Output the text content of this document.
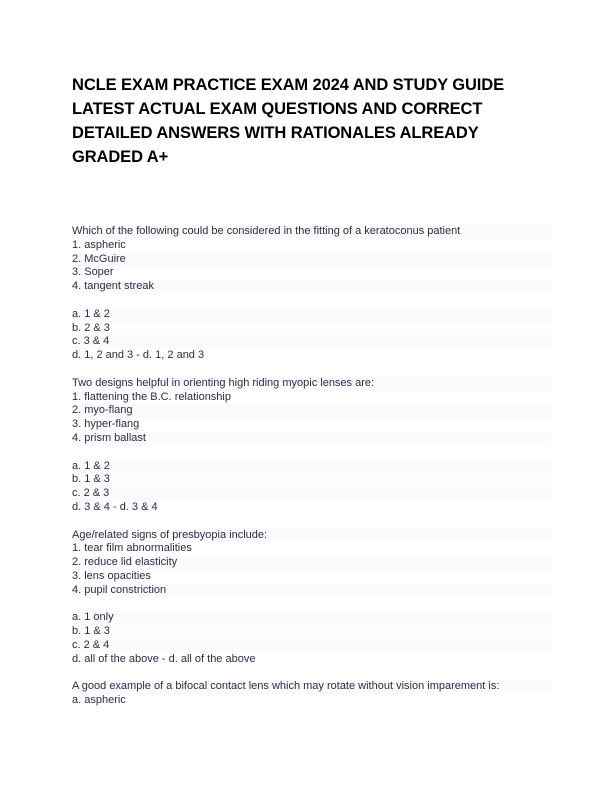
NCLE EXAM PRACTICE EXAM 2024 AND STUDY GUIDE
LATEST ACTUAL EXAM QUESTIONS AND CORRECT
DETAILED ANSWERS WITH RATIONALES ALREADY
GRADED A+
Which of the following could be considered in the fitting of a keratoconus patient
1. aspheric
2. McGuire
3. Soper
4. tangent streak
a. 1 & 2
b. 2 & 3
c. 3 & 4
d. 1, 2 and 3 - d. 1, 2 and 3
Two designs helpful in orienting high riding myopic lenses are:
1. flattening the B.C. relationship
2. myo-flang
3. hyper-flang
4. prism ballast
a. 1 & 2
b. 1 & 3
c. 2 & 3
d. 3 & 4 - d. 3 & 4
Age/related signs of presbyopia include:
1. tear film abnormalities
2. reduce lid elasticity
3. lens opacities
4. pupil constriction
a. 1 only
b. 1 & 3
c. 2 & 4
d. all of the above - d. all of the above
A good example of a bifocal contact lens which may rotate without vision imparement is:
a. aspheric
